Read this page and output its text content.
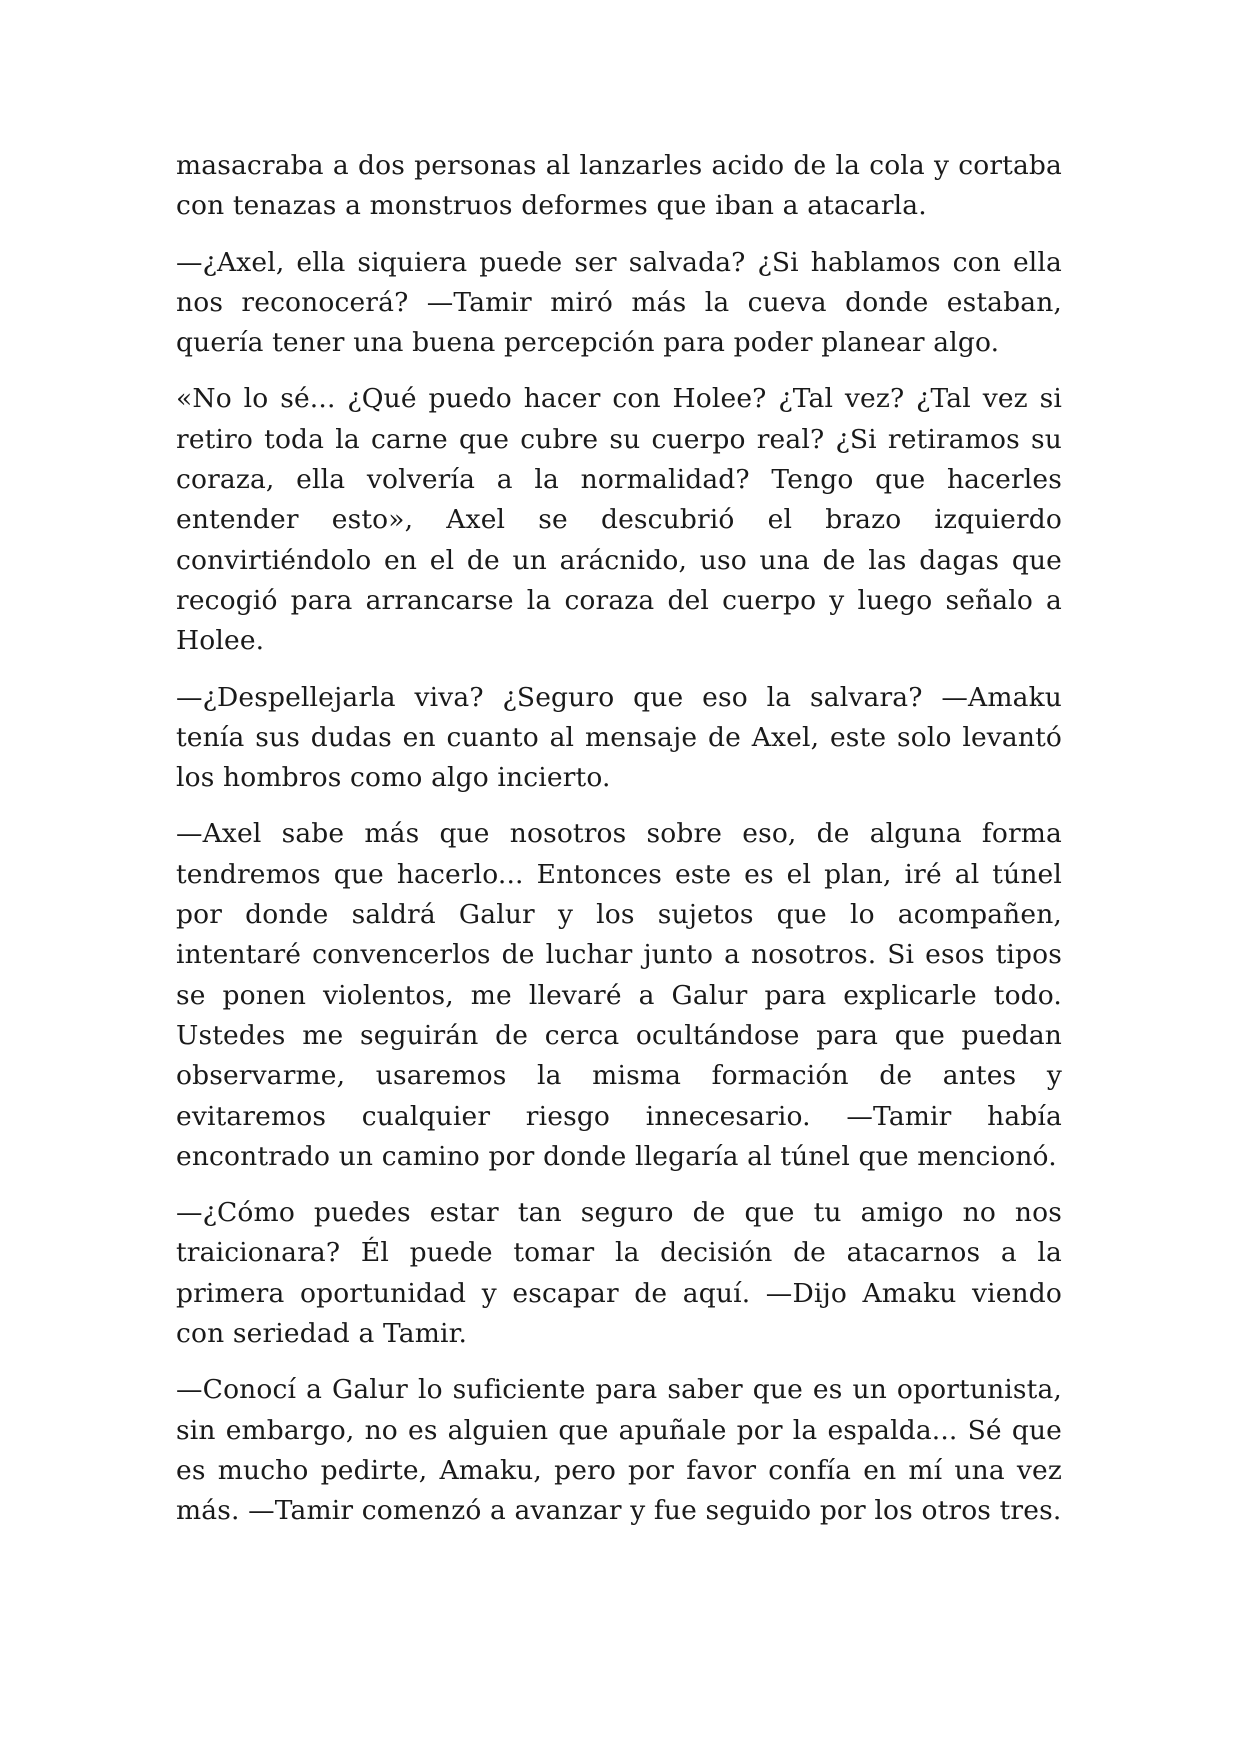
masacraba a dos personas al lanzarles acido de la cola y cortaba con tenazas a monstruos deformes que iban a atacarla.

—¿Axel, ella siquiera puede ser salvada? ¿Si hablamos con ella nos reconocerá? —Tamir miró más la cueva donde estaban, quería tener una buena percepción para poder planear algo.

«No lo sé... ¿Qué puedo hacer con Holee? ¿Tal vez? ¿Tal vez si retiro toda la carne que cubre su cuerpo real? ¿Si retiramos su coraza, ella volvería a la normalidad? Tengo que hacerles entender esto», Axel se descubrió el brazo izquierdo convirtiéndolo en el de un arácnido, uso una de las dagas que recogió para arrancarse la coraza del cuerpo y luego señalo a Holee.

—¿Despellejarla viva? ¿Seguro que eso la salvara? —Amaku tenía sus dudas en cuanto al mensaje de Axel, este solo levantó los hombros como algo incierto.

—Axel sabe más que nosotros sobre eso, de alguna forma tendremos que hacerlo... Entonces este es el plan, iré al túnel por donde saldrá Galur y los sujetos que lo acompañen, intentaré convencerlos de luchar junto a nosotros. Si esos tipos se ponen violentos, me llevaré a Galur para explicarle todo. Ustedes me seguirán de cerca ocultándose para que puedan observarme, usaremos la misma formación de antes y evitaremos cualquier riesgo innecesario. —Tamir había encontrado un camino por donde llegaría al túnel que mencionó.

—¿Cómo puedes estar tan seguro de que tu amigo no nos traicionara? Él puede tomar la decisión de atacarnos a la primera oportunidad y escapar de aquí. —Dijo Amaku viendo con seriedad a Tamir.

—Conocí a Galur lo suficiente para saber que es un oportunista, sin embargo, no es alguien que apuñale por la espalda... Sé que es mucho pedirte, Amaku, pero por favor confía en mí una vez más. —Tamir comenzó a avanzar y fue seguido por los otros tres.
